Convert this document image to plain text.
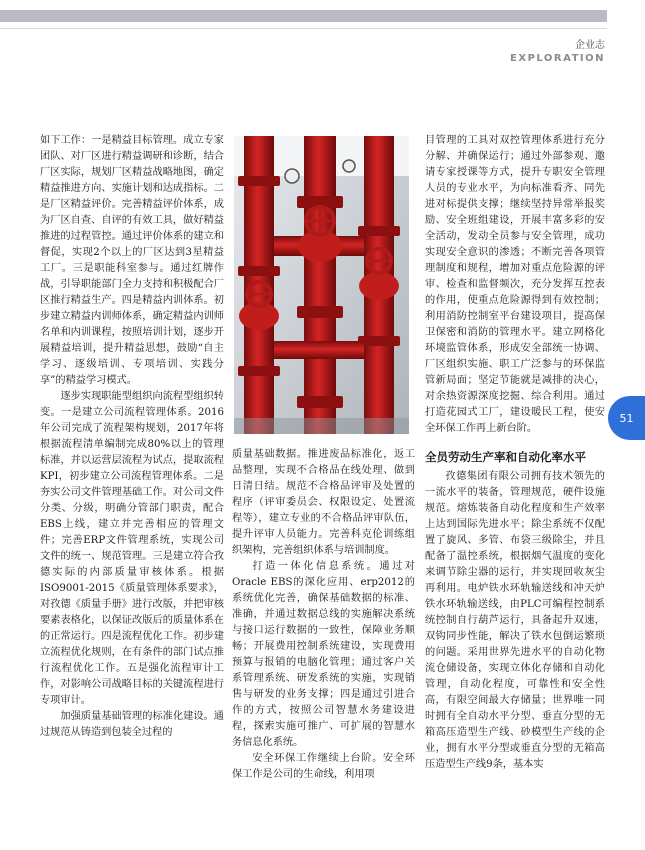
企业志
EXPLORATION

如下工作：一是精益目标管理。成立专家团队、对厂区进行精益调研和诊断，结合厂区实际，规划厂区精益战略地图，确定精益推进方向、实施计划和达成指标。二是厂区精益评价。完善精益评价体系，成为厂区自查、自评的有效工具，做好精益推进的过程管控。通过评价体系的建立和督促，实现2个以上的厂区达到3星精益工厂。三是职能科室参与。通过红牌作战，引导职能部门全力支持和积极配合厂区推行精益生产。四是精益内训体系。初步建立精益内训师体系，确定精益内训师名单和内训课程，按照培训计划，逐步开展精益培训，提升精益思想，鼓励“自主学习、逐级培训、专项培训、实践分享”的精益学习模式。

逐步实现职能型组织向流程型组织转变。一是建立公司流程管理体系。2016年公司完成了流程架构规划，2017年将根据流程清单编制完成80%以上的管理标准，并以运营层流程为试点，提取流程KPI，初步建立公司流程管理体系。二是夯实公司文件管理基础工作。对公司文件分类、分级，明确分管部门职责，配合EBS上线，建立并完善相应的管理文件；完善ERP文件管理系统，实现公司文件的统一、规范管理。三是建立符合孜德实际的内部质量审核体系。根据ISO9001-2015《质量管理体系要求》，对孜德《质量手册》进行改版，并把审核要素表格化，以保证改版后的质量体系在的正常运行。四是流程优化工作。初步建立流程优化规则，在有条件的部门试点推行流程优化工作。五是强化流程审计工作，对影响公司战略目标的关键流程进行专项审计。

加强质量基础管理的标准化建设。通过规范从铸造到包装全过程的

质量基础数据。推进废品标准化，返工品整理，实现不合格品在线处理、做到日清日结。规范不合格品评审及处置的程序（评审委员会、权限设定、处置流程等），建立专业的不合格品评审队伍，提升评审人员能力。完善科克伦训练组织架构，完善组织体系与培训制度。

打造一体化信息系统。通过对Oracle EBS的深化应用、erp2012的系统优化完善，确保基础数据的标准、准确，并通过数据总线的实施解决系统与接口运行数据的一致性，保障业务顺畅；开展费用控制系统建设，实现费用预算与报销的电脑化管理；通过客户关系管理系统、研发系统的实施，实现销售与研发的业务支撑；四是通过引进合作的方式，按照公司智慧水务建设进程，探索实施可推广、可扩展的智慧水务信息化系统。

安全环保工作继续上台阶。安全环保工作是公司的生命线，利用项

目管理的工具对双控管理体系进行充分分解、并确保运行；通过外部参观、邀请专家授课等方式，提升专职安全管理人员的专业水平，为向标准看齐、同先进对标提供支撑；继续坚持异常举报奖励、安全班组建设，开展丰富多彩的安全活动，发动全员参与安全管理，成功实现安全意识的渗透；不断完善各项管理制度和规程，增加对重点危险源的评审、检查和监督频次，充分发挥互控表的作用，使重点危险源得到有效控制；利用消防控制室平台建设项目，提高保卫保密和消防的管理水平。建立网格化环境监管体系，形成安全部统一协调、厂区组织实施、职工广泛参与的环保监管新局面；坚定节能就是减排的决心，对余热资源深度挖掘、综合利用。通过打造花园式工厂，建设暖民工程，使安全环保工作再上新台阶。

全员劳动生产率和自动化率水平

孜德集团有限公司拥有技术领先的一流水平的装备，管理规范，硬件设施规范。熔炼装备自动化程度和生产效率上达到国际先进水平；除尘系统不仅配置了旋风、多管、布袋三级除尘，并且配备了温控系统，根据烟气温度的变化来调节除尘器的运行，并实现回收灰尘再利用。电炉铁水环轨输送线和冲天炉铁水环轨输送线，由PLC可编程控制系统控制自行葫芦运行，具备起升双速，双钩同步性能，解决了铁水包倒运繁琐的问题。采用世界先进水平的自动化物流仓储设备，实现立体化存储和自动化管理，自动化程度，可靠性和安全性高，有限空间最大存储量；世界唯一同时拥有全自动水平分型、垂直分型的无箱高压造型生产线、砂模型生产线的企业，拥有水平分型或垂直分型的无箱高压造型生产线9条，基本实

51
